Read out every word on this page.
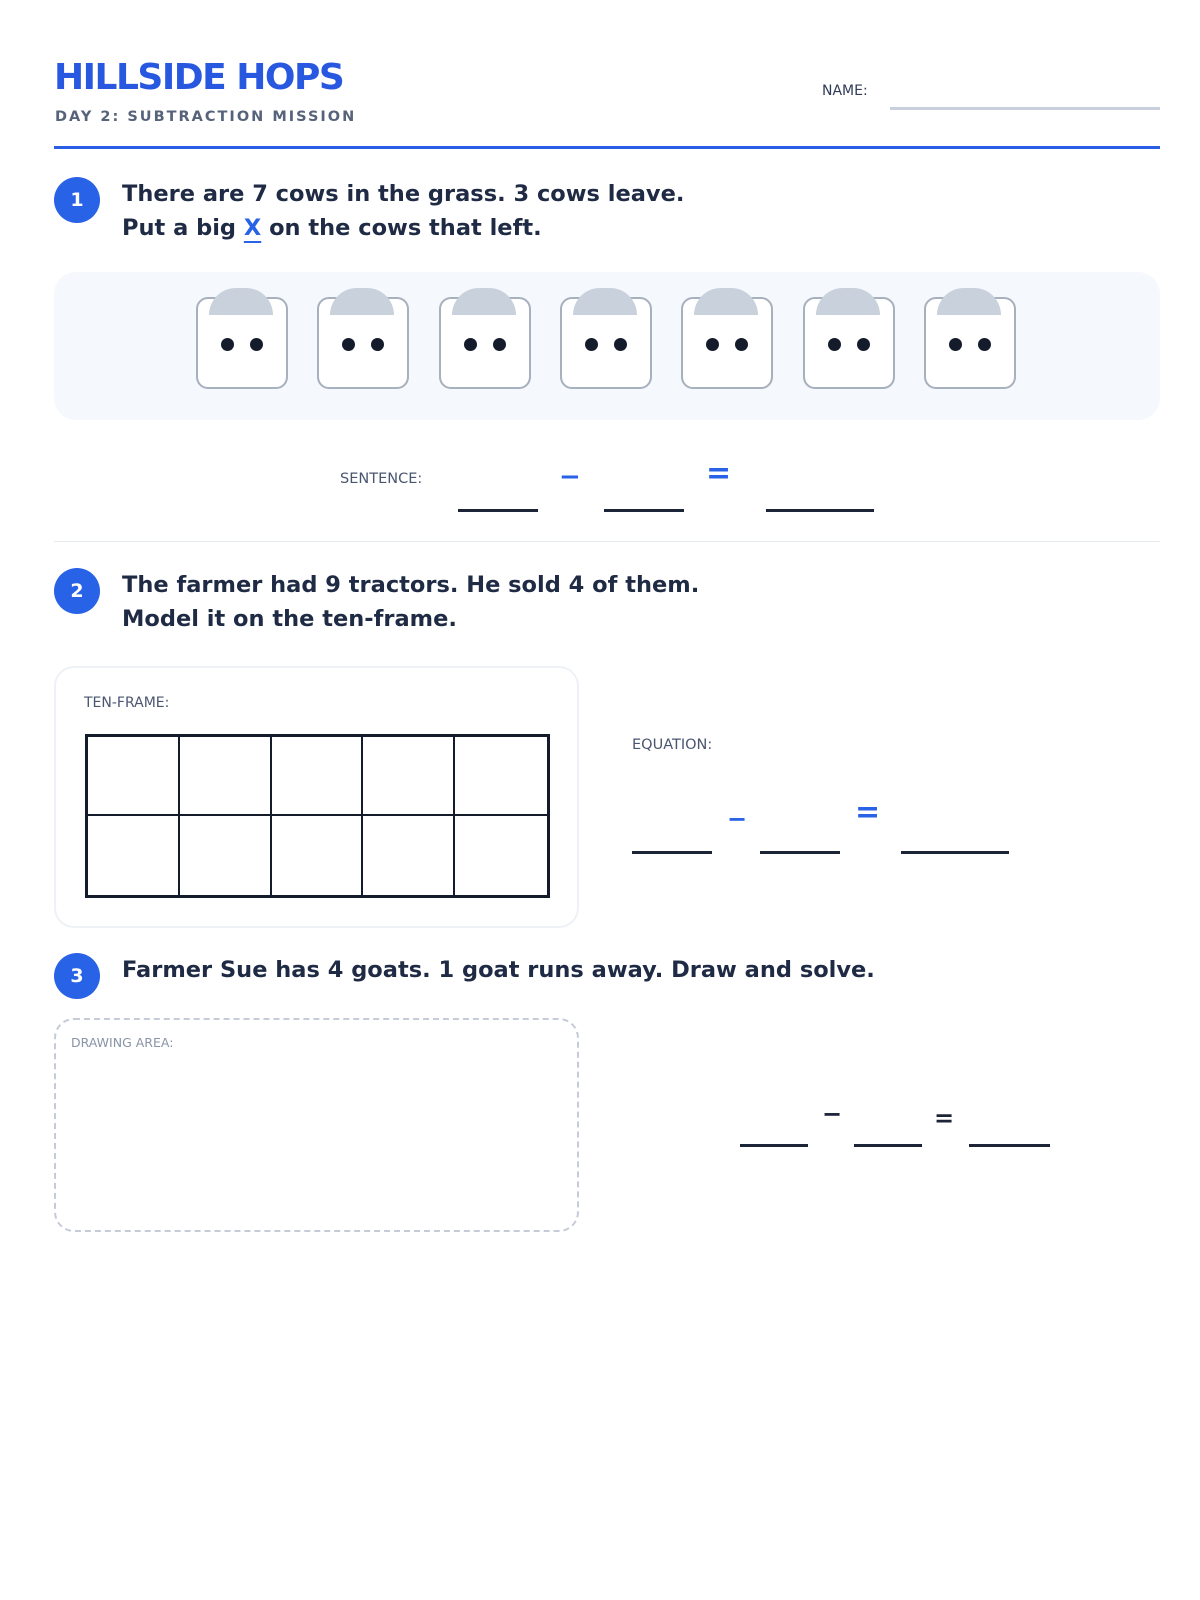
HILLSIDE HOPS
DAY 2: SUBTRACTION MISSION
NAME:
1	There are 7 cows in the grass. 3 cows leave.
Put a big X on the cows that left.
SENTENCE:	−	=
2	The farmer had 9 tractors. He sold 4 of them.
Model it on the ten-frame.
TEN-FRAME:
EQUATION:
−	=
3	Farmer Sue has 4 goats. 1 goat runs away. Draw and solve.
DRAWING AREA:
−	=
